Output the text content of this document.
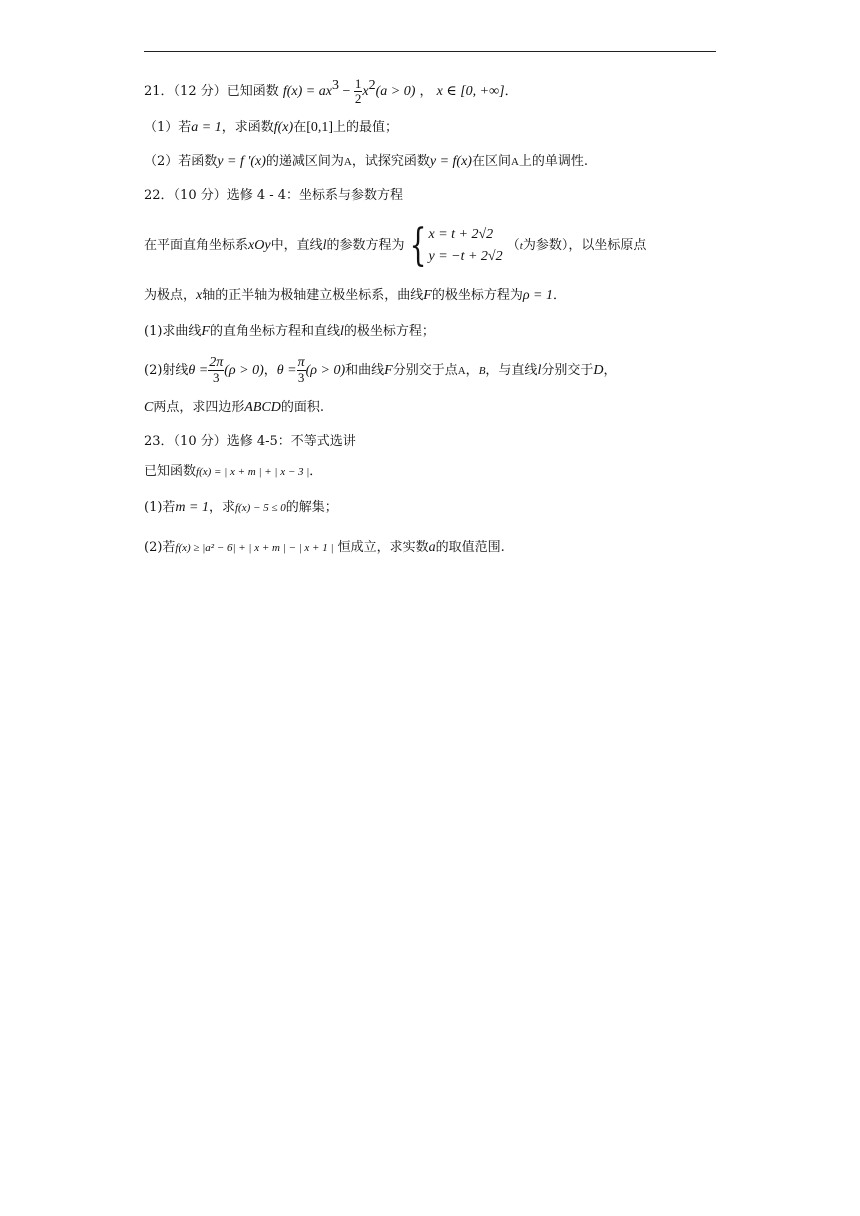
21．（12 分）已知函数 $f(x) = ax^3 - \frac{1}{2} x^2(a > 0)$ ， x ∈ [0, +∞]．
（1）若a = 1，求函数f(x)在[0,1]上的最值；
（2）若函数y = f '(x)的递减区间为A，试探究函数y = f(x)在区间A上的单调性.
22．（10 分）选修 4 - 4：坐标系与参数方程
在平面直角坐标系xOy中，直线l的参数方程为 { x = t + 2√2
y = −t + 2√2
（t为参数），以坐标原点
为极点，x轴的正半轴为极轴建立极坐标系，曲线F的极坐标方程为ρ = 1．
(1)求曲线F的直角坐标方程和直线l的极坐标方程；
(2)射线$\theta = \frac{2\pi}{3} (\rho > 0)$，$\theta = \frac{\pi}{3} (\rho > 0)$和曲线F分别交于点A，B，与直线l分别交于D，
C两点，求四边形ABCD的面积.
23．（10 分）选修 4-5：不等式选讲
已知函数f(x) = | x + m | + | x − 3 |．
(1)若m = 1，求f(x) − 5 ≤ 0的解集；
(2)若f(x) ≥ |a² − 6| + | x + m | − | x + 1 | 恒成立，求实数a的取值范围.
